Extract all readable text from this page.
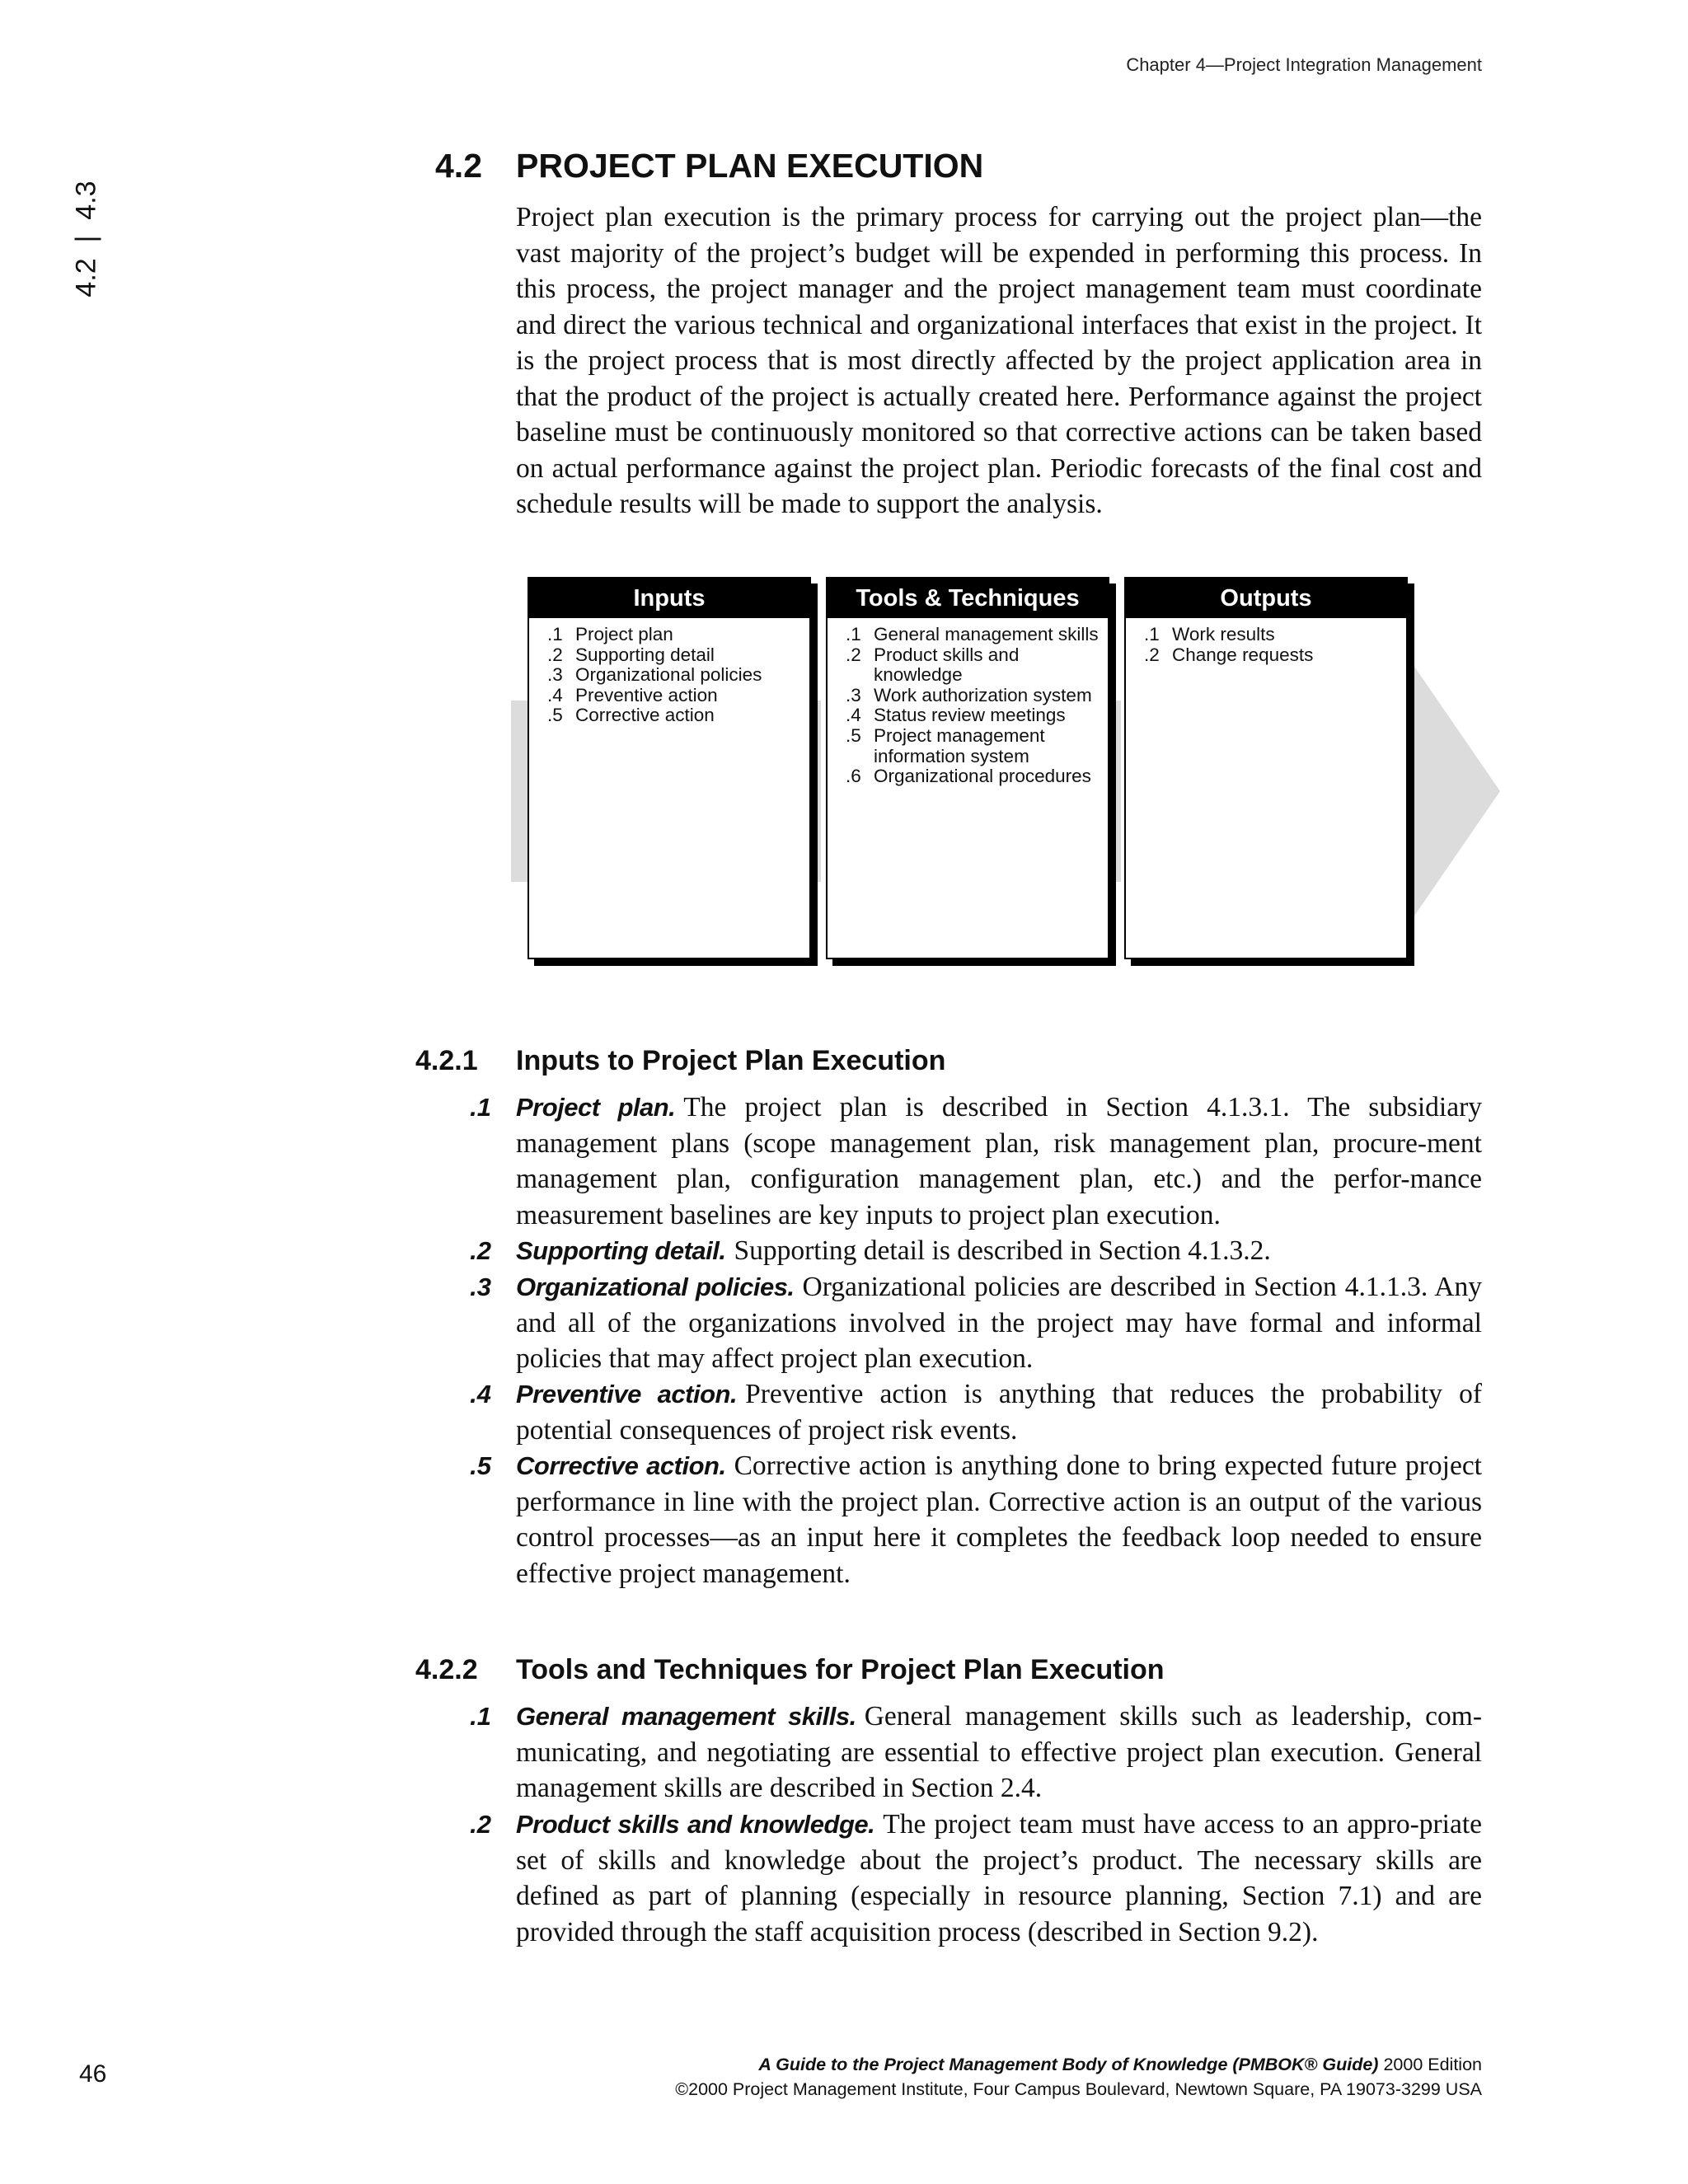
Chapter 4—Project Integration Management
4.2  |  4.3
4.2 PROJECT PLAN EXECUTION
Project plan execution is the primary process for carrying out the project plan—the vast majority of the project’s budget will be expended in performing this process. In this process, the project manager and the project management team must coordinate and direct the various technical and organizational interfaces that exist in the project. It is the project process that is most directly affected by the project application area in that the product of the project is actually created here. Performance against the project baseline must be continuously monitored so that corrective actions can be taken based on actual performance against the project plan. Periodic forecasts of the final cost and schedule results will be made to support the analysis.
Inputs
.1 Project plan
.2 Supporting detail
.3 Organizational policies
.4 Preventive action
.5 Corrective action
Tools & Techniques
.1 General management skills
.2 Product skills and knowledge
.3 Work authorization system
.4 Status review meetings
.5 Project management information system
.6 Organizational procedures
Outputs
.1 Work results
.2 Change requests
4.2.1 Inputs to Project Plan Execution
.1 Project plan. The project plan is described in Section 4.1.3.1. The subsidiary management plans (scope management plan, risk management plan, procure-ment management plan, configuration management plan, etc.) and the perfor-mance measurement baselines are key inputs to project plan execution.
.2 Supporting detail. Supporting detail is described in Section 4.1.3.2.
.3 Organizational policies. Organizational policies are described in Section 4.1.1.3. Any and all of the organizations involved in the project may have formal and informal policies that may affect project plan execution.
.4 Preventive action. Preventive action is anything that reduces the probability of potential consequences of project risk events.
.5 Corrective action. Corrective action is anything done to bring expected future project performance in line with the project plan. Corrective action is an output of the various control processes—as an input here it completes the feedback loop needed to ensure effective project management.
4.2.2 Tools and Techniques for Project Plan Execution
.1 General management skills. General management skills such as leadership, com-municating, and negotiating are essential to effective project plan execution. General management skills are described in Section 2.4.
.2 Product skills and knowledge. The project team must have access to an appro-priate set of skills and knowledge about the project’s product. The necessary skills are defined as part of planning (especially in resource planning, Section 7.1) and are provided through the staff acquisition process (described in Section 9.2).
46	A Guide to the Project Management Body of Knowledge (PMBOK® Guide) 2000 Edition
©2000 Project Management Institute, Four Campus Boulevard, Newtown Square, PA 19073-3299 USA
